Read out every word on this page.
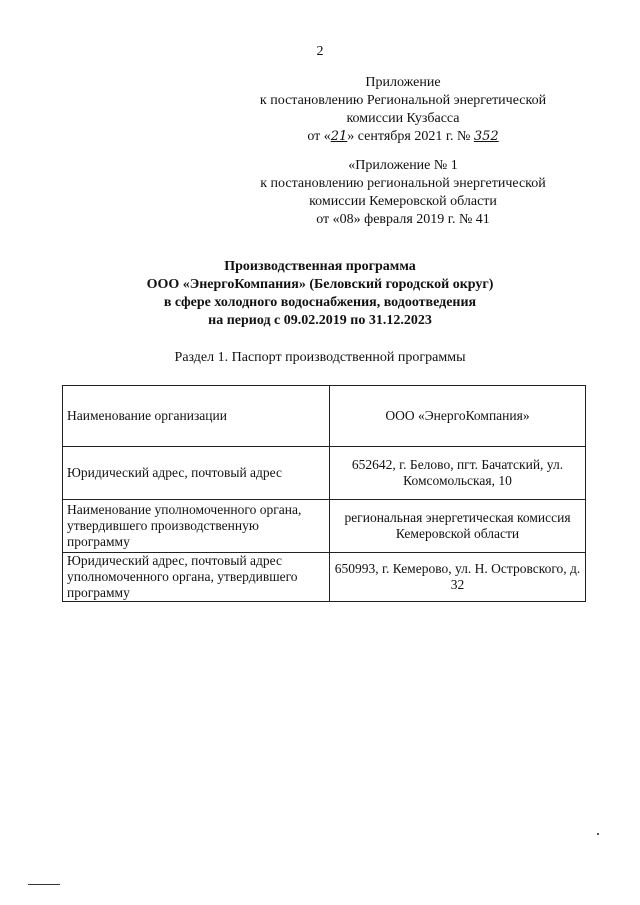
2
Приложение
к постановлению Региональной энергетической
комиссии Кузбасса
от «21» сентября 2021 г. № 352
«Приложение № 1
к постановлению региональной энергетической
комиссии Кемеровской области
от «08» февраля 2019 г. № 41
Производственная программа
ООО «ЭнергоКомпания» (Беловский городской округ)
в сфере холодного водоснабжения, водоотведения
на период с 09.02.2019 по 31.12.2023
Раздел 1. Паспорт производственной программы
Наименование организации	ООО «ЭнергоКомпания»
Юридический адрес, почтовый адрес	652642, г. Белово, пгт. Бачатский, ул. Комсомольская, 10
Наименование уполномоченного органа, утвердившего производственную программу	региональная энергетическая комиссия Кемеровской области
Юридический адрес, почтовый адрес уполномоченного органа, утвердившего программу	650993, г. Кемерово, ул. Н. Островского, д. 32
